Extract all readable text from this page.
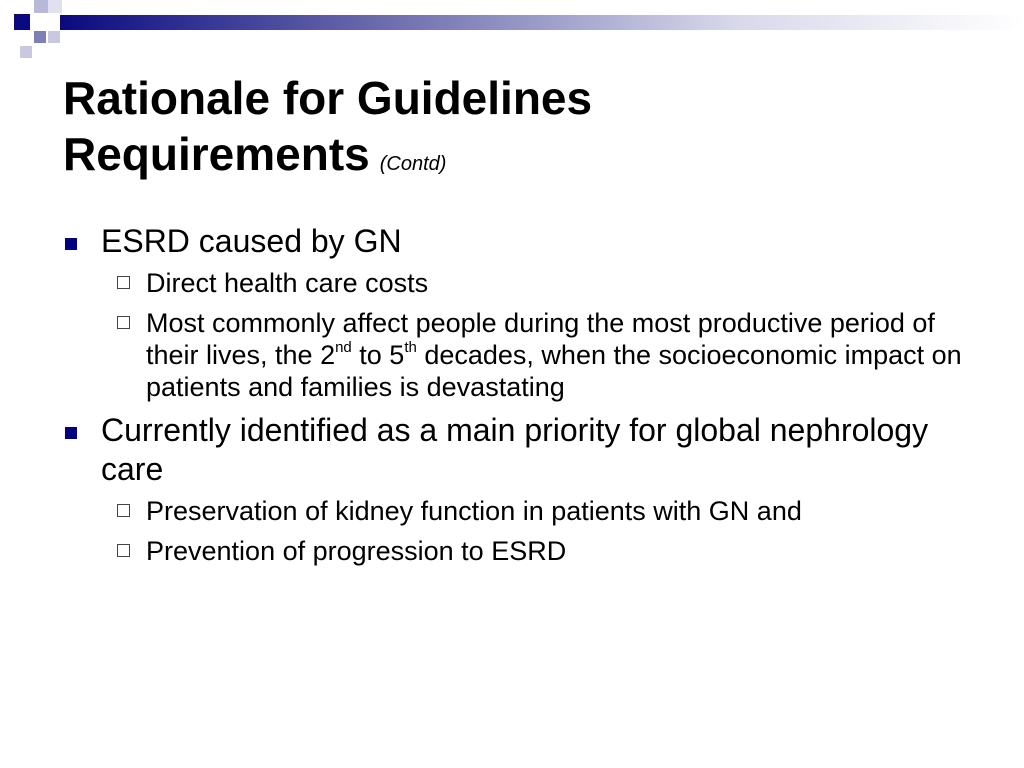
Rationale for Guidelines
Requirements (Contd)
ESRD caused by GN
Direct health care costs
Most commonly affect people during the most productive period of their lives, the 2nd to 5th decades, when the socioeconomic impact on patients and families is devastating
Currently identified as a main priority for global nephrology care
Preservation of kidney function in patients with GN and
Prevention of progression to ESRD
